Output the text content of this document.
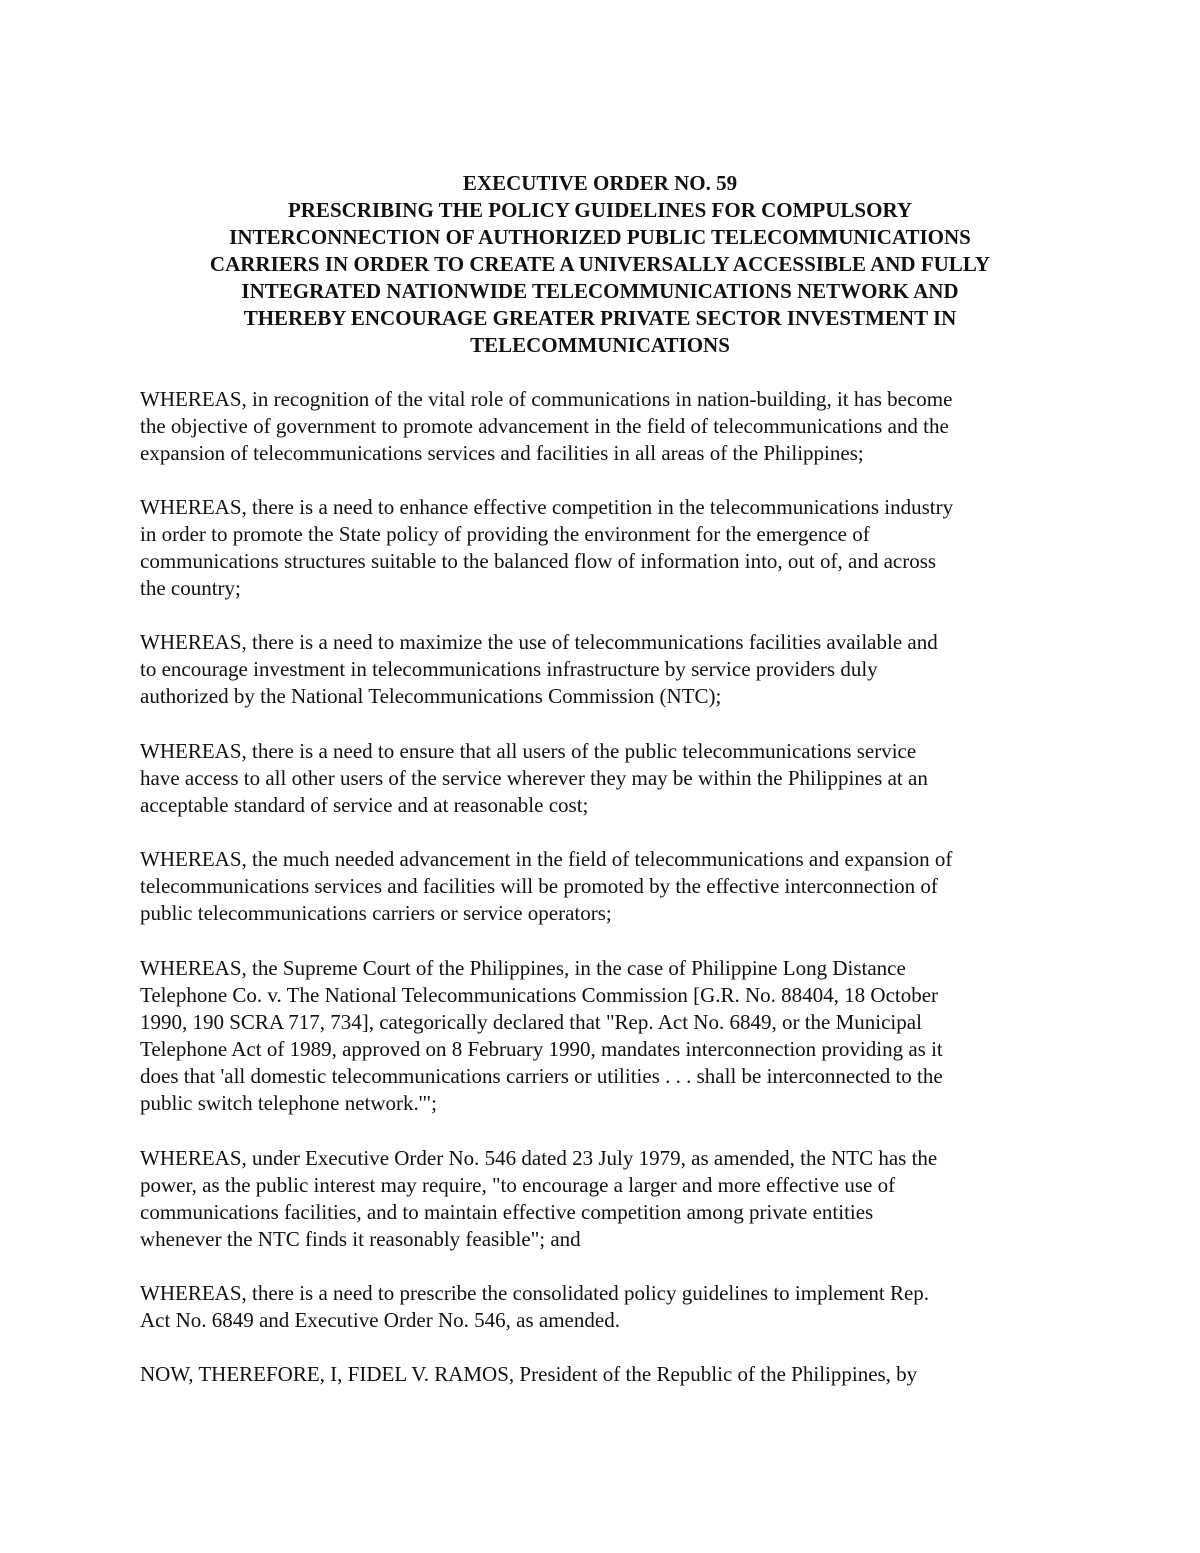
EXECUTIVE ORDER NO. 59
PRESCRIBING THE POLICY GUIDELINES FOR COMPULSORY
INTERCONNECTION OF AUTHORIZED PUBLIC TELECOMMUNICATIONS
CARRIERS IN ORDER TO CREATE A UNIVERSALLY ACCESSIBLE AND FULLY
INTEGRATED NATIONWIDE TELECOMMUNICATIONS NETWORK AND
THEREBY ENCOURAGE GREATER PRIVATE SECTOR INVESTMENT IN
TELECOMMUNICATIONS
WHEREAS, in recognition of the vital role of communications in nation-building, it has become
the objective of government to promote advancement in the field of telecommunications and the
expansion of telecommunications services and facilities in all areas of the Philippines;
WHEREAS, there is a need to enhance effective competition in the telecommunications industry
in order to promote the State policy of providing the environment for the emergence of
communications structures suitable to the balanced flow of information into, out of, and across
the country;
WHEREAS, there is a need to maximize the use of telecommunications facilities available and
to encourage investment in telecommunications infrastructure by service providers duly
authorized by the National Telecommunications Commission (NTC);
WHEREAS, there is a need to ensure that all users of the public telecommunications service
have access to all other users of the service wherever they may be within the Philippines at an
acceptable standard of service and at reasonable cost;
WHEREAS, the much needed advancement in the field of telecommunications and expansion of
telecommunications services and facilities will be promoted by the effective interconnection of
public telecommunications carriers or service operators;
WHEREAS, the Supreme Court of the Philippines, in the case of Philippine Long Distance
Telephone Co. v. The National Telecommunications Commission [G.R. No. 88404, 18 October
1990, 190 SCRA 717, 734], categorically declared that "Rep. Act No. 6849, or the Municipal
Telephone Act of 1989, approved on 8 February 1990, mandates interconnection providing as it
does that 'all domestic telecommunications carriers or utilities . . . shall be interconnected to the
public switch telephone network.'";
WHEREAS, under Executive Order No. 546 dated 23 July 1979, as amended, the NTC has the
power, as the public interest may require, "to encourage a larger and more effective use of
communications facilities, and to maintain effective competition among private entities
whenever the NTC finds it reasonably feasible"; and
WHEREAS, there is a need to prescribe the consolidated policy guidelines to implement Rep.
Act No. 6849 and Executive Order No. 546, as amended.
NOW, THEREFORE, I, FIDEL V. RAMOS, President of the Republic of the Philippines, by
